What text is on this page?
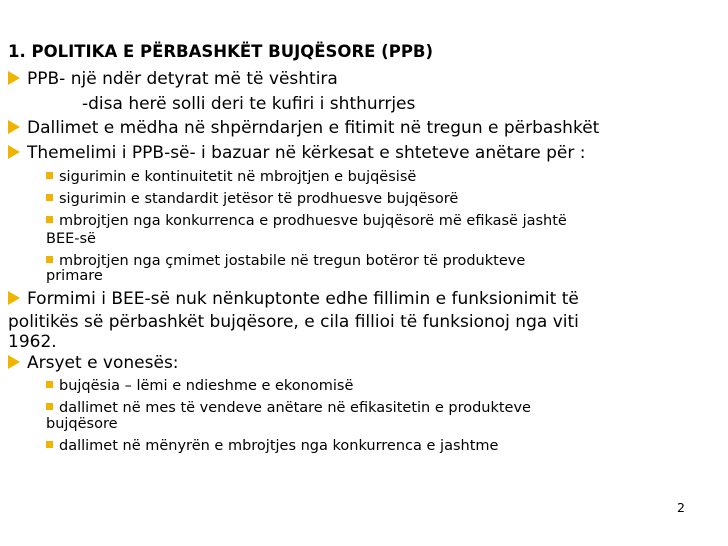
1. POLITIKA E PËRBASHKËT BUJQËSORE (PPB)
PPB- një ndër detyrat më të vështira
-disa herë solli deri te kufiri i shthurrjes
Dallimet e mëdha në shpërndarjen e fitimit në tregun e përbashkët
Themelimi i PPB-së- i bazuar në kërkesat e shteteve anëtare për :
sigurimin e kontinuitetit në mbrojtjen e bujqësisë
sigurimin e standardit jetësor të prodhuesve bujqësorë
mbrojtjen nga konkurrenca e prodhuesve bujqësorë më efikasë jashtë
BEE-së
mbrojtjen nga çmimet jostabile në tregun botëror të produkteve
primare
Formimi i BEE-së nuk nënkuptonte edhe fillimin e funksionimit të
politikës së përbashkët bujqësore, e cila fillioi të funksionoj nga viti
1962.
Arsyet e vonesës:
bujqësia – lëmi e ndieshme e ekonomisë
dallimet në mes të vendeve anëtare në efikasitetin e produkteve
bujqësore
dallimet në mënyrën e mbrojtjes nga konkurrenca e jashtme
2
